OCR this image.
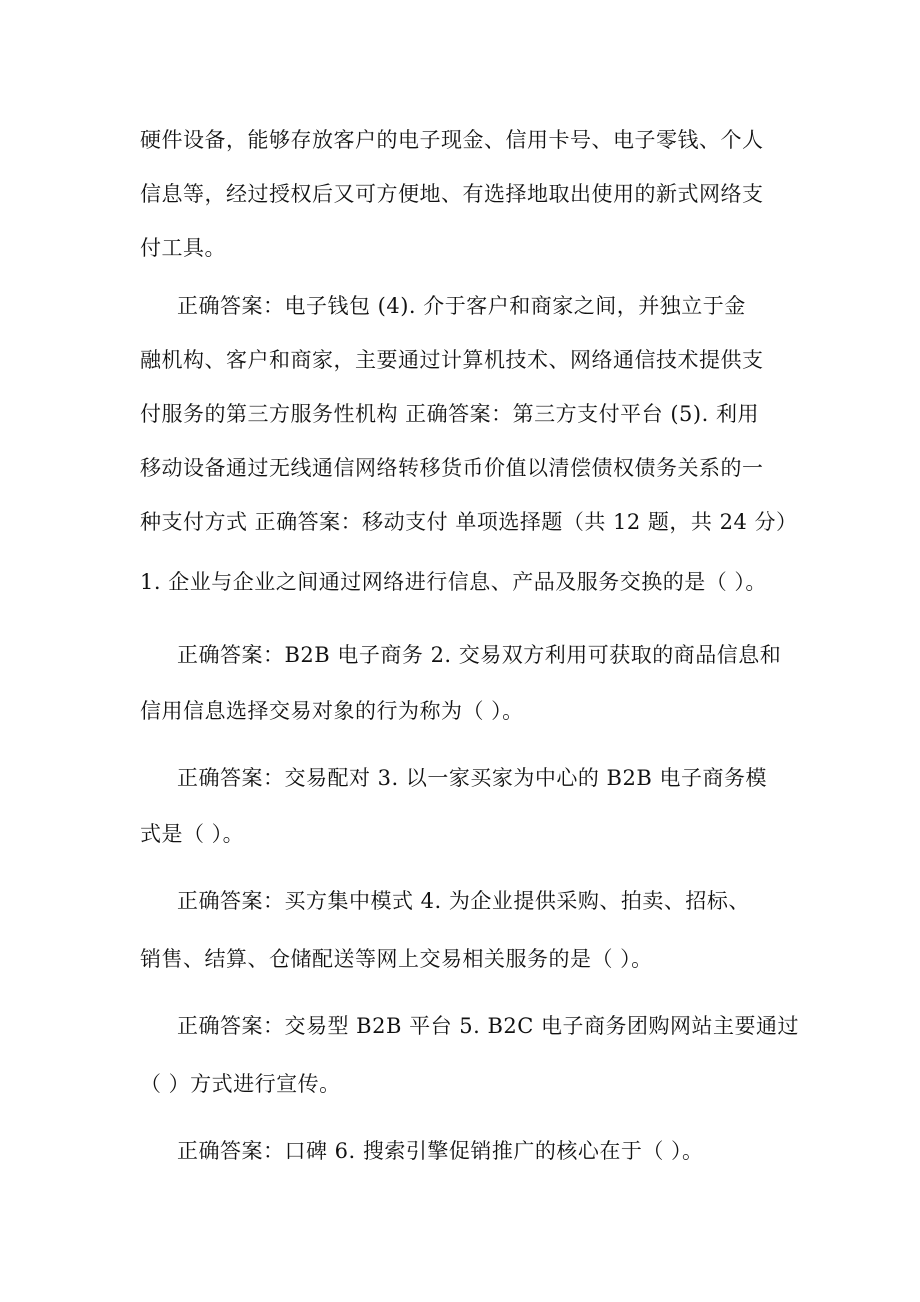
硬件设备，能够存放客户的电子现金、信用卡号、电子零钱、个人
信息等，经过授权后又可方便地、有选择地取出使用的新式网络支
付工具。
正确答案：电子钱包 (4). 介于客户和商家之间，并独立于金
融机构、客户和商家，主要通过计算机技术、网络通信技术提供支
付服务的第三方服务性机构 正确答案：第三方支付平台 (5). 利用
移动设备通过无线通信网络转移货币价值以清偿债权债务关系的一
种支付方式 正确答案：移动支付 单项选择题（共 12 题，共 24 分）
1. 企业与企业之间通过网络进行信息、产品及服务交换的是（ ）。
正确答案：B2B 电子商务 2. 交易双方利用可获取的商品信息和
信用信息选择交易对象的行为称为（ ）。
正确答案：交易配对 3. 以一家买家为中心的 B2B 电子商务模
式是（ ）。
正确答案：买方集中模式 4. 为企业提供采购、拍卖、招标、
销售、结算、仓储配送等网上交易相关服务的是（ ）。
正确答案：交易型 B2B 平台 5. B2C 电子商务团购网站主要通过
（ ）方式进行宣传。
正确答案：口碑 6. 搜索引擎促销推广的核心在于（ ）。
